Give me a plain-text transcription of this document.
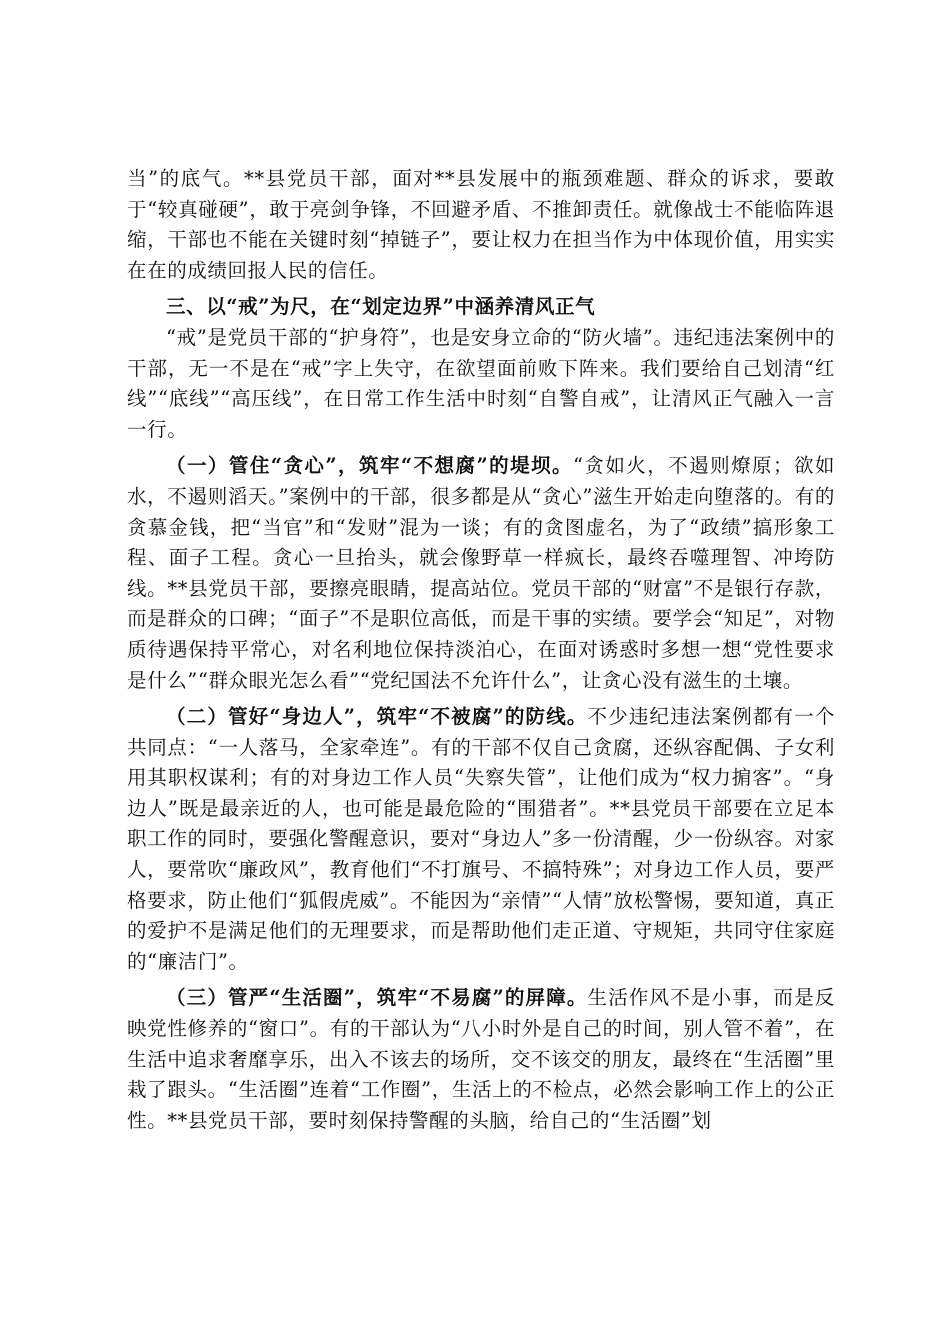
当”的底气。**县党员干部，面对**县发展中的瓶颈难题、群众的诉求，要敢于“较真碰硬”，敢于亮剑争锋，不回避矛盾、不推卸责任。就像战士不能临阵退缩，干部也不能在关键时刻“掉链子”，要让权力在担当作为中体现价值，用实实在在的成绩回报人民的信任。

三、以“戒”为尺，在“划定边界”中涵养清风正气

“戒”是党员干部的“护身符”，也是安身立命的“防火墙”。违纪违法案例中的干部，无一不是在“戒”字上失守，在欲望面前败下阵来。我们要给自己划清“红线”“底线”“高压线”，在日常工作生活中时刻“自警自戒”，让清风正气融入一言一行。

（一）管住“贪心”，筑牢“不想腐”的堤坝。“贪如火，不遏则燎原；欲如水，不遏则滔天。”案例中的干部，很多都是从“贪心”滋生开始走向堕落的。有的贪慕金钱，把“当官”和“发财”混为一谈；有的贪图虚名，为了“政绩”搞形象工程、面子工程。贪心一旦抬头，就会像野草一样疯长，最终吞噬理智、冲垮防线。**县党员干部，要擦亮眼睛，提高站位。党员干部的“财富”不是银行存款，而是群众的口碑；“面子”不是职位高低，而是干事的实绩。要学会“知足”，对物质待遇保持平常心，对名利地位保持淡泊心，在面对诱惑时多想一想“党性要求是什么”“群众眼光怎么看”“党纪国法不允许什么”，让贪心没有滋生的土壤。

（二）管好“身边人”，筑牢“不被腐”的防线。不少违纪违法案例都有一个共同点：“一人落马，全家牵连”。有的干部不仅自己贪腐，还纵容配偶、子女利用其职权谋利；有的对身边工作人员“失察失管”，让他们成为“权力掮客”。“身边人”既是最亲近的人，也可能是最危险的“围猎者”。**县党员干部要在立足本职工作的同时，要强化警醒意识，要对“身边人”多一份清醒，少一份纵容。对家人，要常吹“廉政风”，教育他们“不打旗号、不搞特殊”；对身边工作人员，要严格要求，防止他们“狐假虎威”。不能因为“亲情”“人情”放松警惕，要知道，真正的爱护不是满足他们的无理要求，而是帮助他们走正道、守规矩，共同守住家庭的“廉洁门”。

（三）管严“生活圈”，筑牢“不易腐”的屏障。生活作风不是小事，而是反映党性修养的“窗口”。有的干部认为“八小时外是自己的时间，别人管不着”，在生活中追求奢靡享乐，出入不该去的场所，交不该交的朋友，最终在“生活圈”里栽了跟头。“生活圈”连着“工作圈”，生活上的不检点，必然会影响工作上的公正性。**县党员干部，要时刻保持警醒的头脑，给自己的“生活圈”划
